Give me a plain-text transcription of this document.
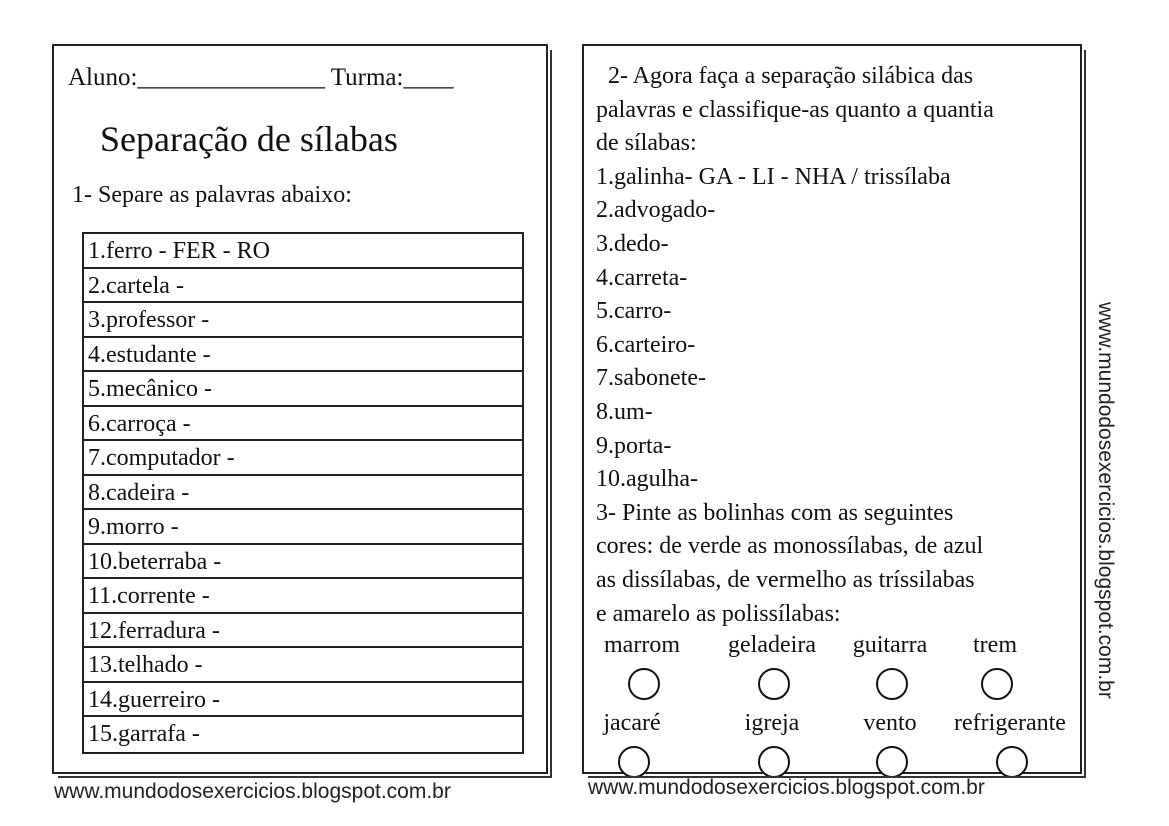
Aluno:_______________ Turma:____
Separação de sílabas
1- Separe as palavras abaixo:
1.ferro - FER - RO
2.cartela -
3.professor -
4.estudante -
5.mecânico -
6.carroça -
7.computador -
8.cadeira -
9.morro -
10.beterraba -
11.corrente -
12.ferradura -
13.telhado -
14.guerreiro -
15.garrafa -

2- Agora faça a separação silábica das

palavras e classifique-as quanto a quantia

de sílabas:

1.galinha- GA - LI - NHA / trissílaba

2.advogado-

3.dedo-

4.carreta-

5.carro-

6.carteiro-

7.sabonete-

8.um-

9.porta-

10.agulha-

3- Pinte as bolinhas com as seguintes

cores: de verde as monossílabas, de azul

as dissílabas, de vermelho as tríssilabas

e amarelo as polissílabas:

marrom geladeira guitarra trem
jacaré	igreja	vento refrigerante
www.mundodosexercicios.blogspot.com.br	www.mundodosexercicios.blogspot.com.br
www.mundodosexercicios.blogspot.com.br
